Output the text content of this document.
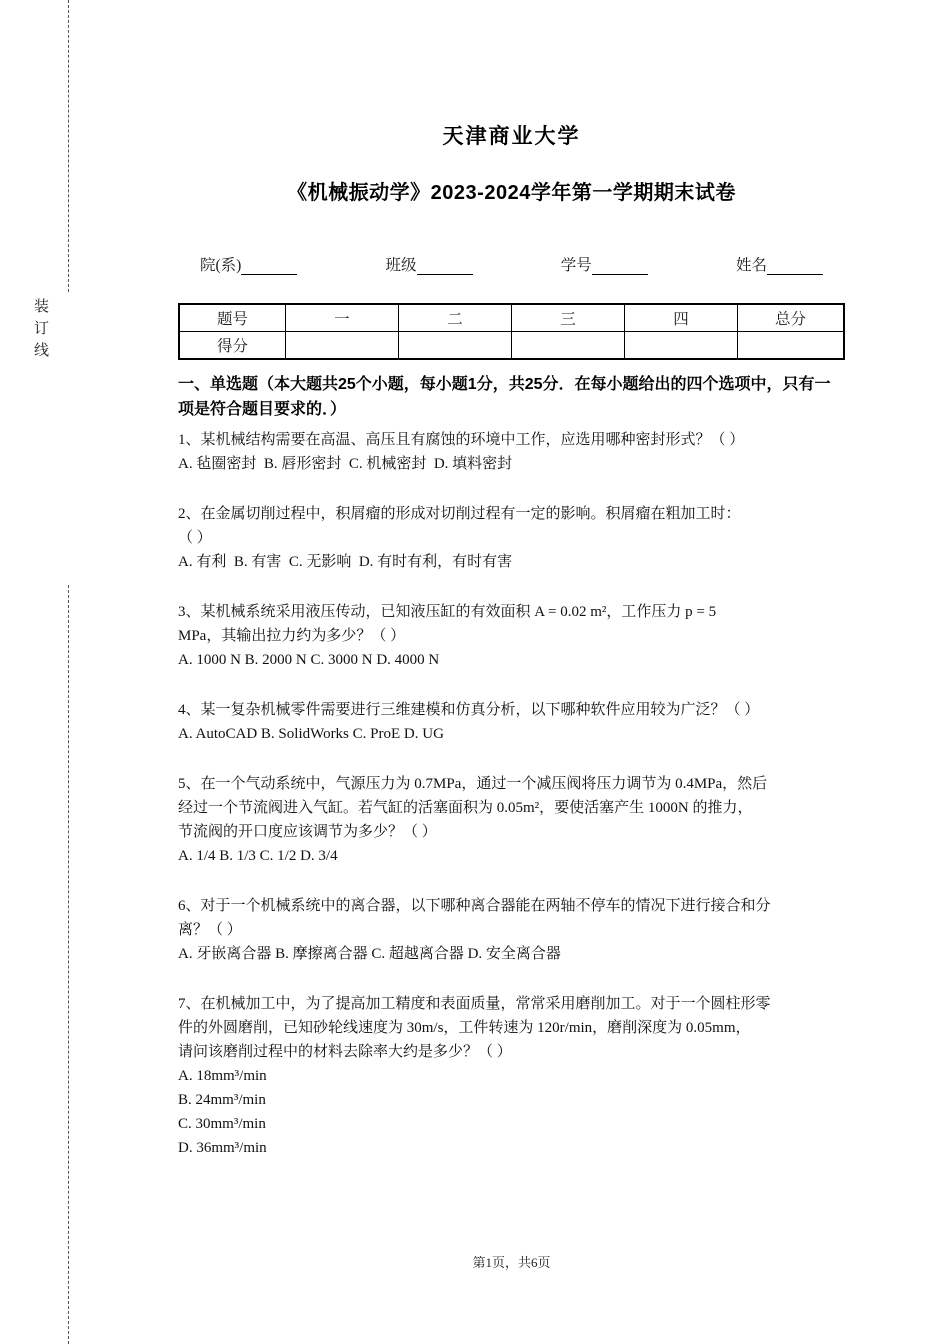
装订线
天津商业大学
《机械振动学》2023-2024学年第一学期期末试卷
院(系)	班级	学号	姓名
题号	一	二	三	四	总分
得分					

一、单选题（本大题共25个小题，每小题1分，共25分．在每小题给出的四个选项中，只有一项是符合题目要求的．）

1、某机械结构需要在高温、高压且有腐蚀的环境中工作，应选用哪种密封形式？（ ）

A. 毡圈密封  B. 唇形密封  C. 机械密封  D. 填料密封

2、在金属切削过程中，积屑瘤的形成对切削过程有一定的影响。积屑瘤在粗加工时：

（ ）

A. 有利  B. 有害  C. 无影响  D. 有时有利，有时有害

3、某机械系统采用液压传动，已知液压缸的有效面积 A = 0.02 m²，工作压力 p = 5

MPa，其输出拉力约为多少？（ ）

A. 1000 N B. 2000 N C. 3000 N D. 4000 N

4、某一复杂机械零件需要进行三维建模和仿真分析，以下哪种软件应用较为广泛？（ ）

A. AutoCAD B. SolidWorks C. ProE D. UG

5、在一个气动系统中，气源压力为 0.7MPa，通过一个减压阀将压力调节为 0.4MPa，然后

经过一个节流阀进入气缸。若气缸的活塞面积为 0.05m²，要使活塞产生 1000N 的推力，

节流阀的开口度应该调节为多少？（ ）

A. 1/4 B. 1/3 C. 1/2 D. 3/4

6、对于一个机械系统中的离合器，以下哪种离合器能在两轴不停车的情况下进行接合和分

离？（ ）

A. 牙嵌离合器 B. 摩擦离合器 C. 超越离合器 D. 安全离合器

7、在机械加工中，为了提高加工精度和表面质量，常常采用磨削加工。对于一个圆柱形零

件的外圆磨削，已知砂轮线速度为 30m/s，工件转速为 120r/min，磨削深度为 0.05mm，

请问该磨削过程中的材料去除率大约是多少？（ ）

A. 18mm³/min

B. 24mm³/min

C. 30mm³/min

D. 36mm³/min

第1页，共6页
